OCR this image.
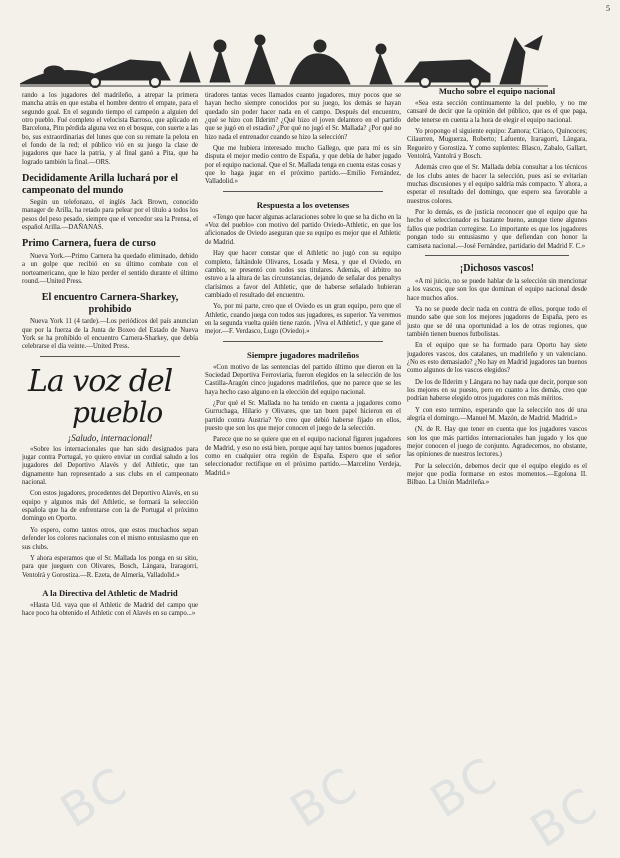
5

rando a los jugadores del madrileño, a atrepar la primera mancha atrás en que estaba el hombre dentro el empate, para el segundo goal. En el segundo tiempo el campeón a alguien del otro pueblo. Fué completo el velocista Barroso, que aplicado en Barcelona, Pitu pérdida alguna vez en el bosque, con suerte a las bo, sus extraordinarias del lunes que con su remate la pelota en el fondo de la red; el público vió en su juego la clase de jugadores que hace la patria, y al final ganó a Pita, que ha logrado también la final.—ORS.

Decididamente Arilla luchará por el campeonato del mundo

Según un telefonazo, el inglés Jack Brown, conocido manager de Arilla, ha retado para pelear por el título a todos los pesos del peso pesado, siempre que el vencedor sea la Prensa, el español Arilla.—DAÑANAS.

Primo Carnera, fuera de curso

Nueva York.—Primo Carnera ha quedado eliminado, debido a un golpe que recibió en su último combate con el norteamericano, que le hizo perder el sentido durante el último round.—United Press.

El encuentro Carnera-Sharkey, prohibido

Nueva York 11 (4 tarde).—Los periódicos del país anuncian que por la fuerza de la Junta de Boxeo del Estado de Nueva York se ha prohibido el encuentro Carnera-Sharkey, que debía celebrarse el día veinte.—United Press.

La voz del
pueblo
¡Saludo, internacional!

«Sobre los internacionales que han sido designados para jugar contra Portugal, yo quiero enviar un cordial saludo a los jugadores del Deportivo Alavés y del Athletic, que tan dignamente han representado a sus clubs en el campeonato nacional.

Con estos jugadores, procedentes del Deportivo Alavés, en su equipo y algunos más del Athletic, se formará la selección española que ha de enfrentarse con la de Portugal el próximo domingo en Oporto.

Yo espero, como tantos otros, que estos muchachos sepan defender los colores nacionales con el mismo entusiasmo que en sus clubs.

Y ahora esperamos que el Sr. Mallada los ponga en su sitio, para que jueguen con Olivares, Bosch, Lángara, Iraragorri, Ventolrá y Gorostiza.—R. Ezeta, de Almería, Valladolid.»

A la Directiva del Athletic de Madrid

«Hasta Ud. vaya que el Athletic de Madrid del campo que hace poco ha obtenido el Athletic con el Alavés en su campo...»

tiradores tantas veces llamados cuanto jugadores, muy pocos que se hayan hecho siempre conocidos por su juego, los demás se hayan quedado sin poder hacer nada en el campo. Después del encuentro, ¿qué se hizo con Ilderim? ¿Qué hizo el joven delantero en el partido que se jugó en el estadio? ¿Por qué no jugó el Sr. Mallada? ¿Por qué no hizo nada el entrenador cuando se hizo la selección?

Que me hubiera interesado mucho Gallego, que para mí es sin disputa el mejor medio centro de España, y que debía de haber jugado por el equipo nacional. Que el Sr. Mallada tenga en cuenta estas cosas y que lo haga jugar en el próximo partido.—Emilio Fernández, Valladolid.»

Respuesta a los ovetenses

«Tengo que hacer algunas aclaraciones sobre lo que se ha dicho en la «Voz del pueblo» con motivo del partido Oviedo-Athletic, en que los aficionados de Oviedo aseguran que su equipo es mejor que el Athletic de Madrid.

Hay que hacer constar que el Athletic no jugó con su equipo completo, faltándole Olivares, Losada y Mesa, y que el Oviedo, en cambio, se presentó con todos sus titulares. Además, el árbitro no estuvo a la altura de las circunstancias, dejando de señalar dos penaltys clarísimos a favor del Athletic, que de haberse señalado hubieran cambiado el resultado del encuentro.

Yo, por mi parte, creo que el Oviedo es un gran equipo, pero que el Athletic, cuando juega con todos sus jugadores, es superior. Ya veremos en la segunda vuelta quién tiene razón. ¡Viva el Athletic!, y que gane el mejor.—F. Verdasco, Lugo (Oviedo).»

Siempre jugadores madrileños

«Con motivo de las sentencias del partido último que dieron en la Sociedad Deportiva Ferroviaria, fueron elegidos en la selección de los Castilla-Aragón cinco jugadores madrileños, que no parece que se les haya hecho caso alguno en la elección del equipo nacional.

¿Por qué el Sr. Mallada no ha tenido en cuenta a jugadores como Gurruchaga, Hilario y Olivares, que tan buen papel hicieron en el partido contra Austria? Yo creo que debió haberse fijado en ellos, puesto que son los que mejor conocen el juego de la selección.

Parece que no se quiere que en el equipo nacional figuren jugadores de Madrid, y eso no está bien, porque aquí hay tantos buenos jugadores como en cualquier otra región de España. Espero que el señor seleccionador rectifique en el próximo partido.—Marcelino Verdeja, Madrid.»

Mucho sobre el equipo nacional

«Sea esta sección continuamente la del pueblo, y no me cansaré de decir que la opinión del público, que es el que paga, debe tenerse en cuenta a la hora de elegir el equipo nacional.

Yo propongo el siguiente equipo: Zamora; Ciriaco, Quincoces; Cilaurren, Muguerza, Roberto; Lafuente, Iraragorri, Lángara, Regueiro y Gorostiza. Y como suplentes: Blasco, Zabalo, Gallart, Ventolrá, Vantolrá y Bosch.

Además creo que el Sr. Mallada debía consultar a los técnicos de los clubs antes de hacer la selección, pues así se evitarían muchas discusiones y el equipo saldría más compacto. Y ahora, a esperar el resultado del domingo, que espero sea favorable a nuestros colores.

Por lo demás, es de justicia reconocer que el equipo que ha hecho el seleccionador es bastante bueno, aunque tiene algunos fallos que podrían corregirse. Lo importante es que los jugadores pongan todo su entusiasmo y que defiendan con honor la camiseta nacional.—José Fernández, partidario del Madrid F. C.»

¡Dichosos vascos!

«A mi juicio, no se puede hablar de la selección sin mencionar a los vascos, que son los que dominan el equipo nacional desde hace muchos años.

Ya no se puede decir nada en contra de ellos, porque todo el mundo sabe que son los mejores jugadores de España, pero es justo que se dé una oportunidad a los de otras regiones, que también tienen buenos futbolistas.

En el equipo que se ha formado para Oporto hay siete jugadores vascos, dos catalanes, un madrileño y un valenciano. ¿No es esto demasiado? ¿No hay en Madrid jugadores tan buenos como algunos de los vascos elegidos?

De los de Ilderim y Lángara no hay nada que decir, porque son los mejores en su puesto, pero en cuanto a los demás, creo que podrían haberse elegido otros jugadores con más méritos.

Y con esto termino, esperando que la selección nos dé una alegría el domingo.—Manuel M. Mazón, de Madrid. Madrid.»

(N. de R. Hay que tener en cuenta que los jugadores vascos son los que más partidos internacionales han jugado y los que mejor conocen el juego de conjunto. Agradecemos, no obstante, las opiniones de nuestros lectores.)

Por la selección, debemos decir que el equipo elegido es el mejor que podía formarse en estos momentos.—Egolona II. Bilbao. La Unión Madrileña.»

BC	BC BC BC
